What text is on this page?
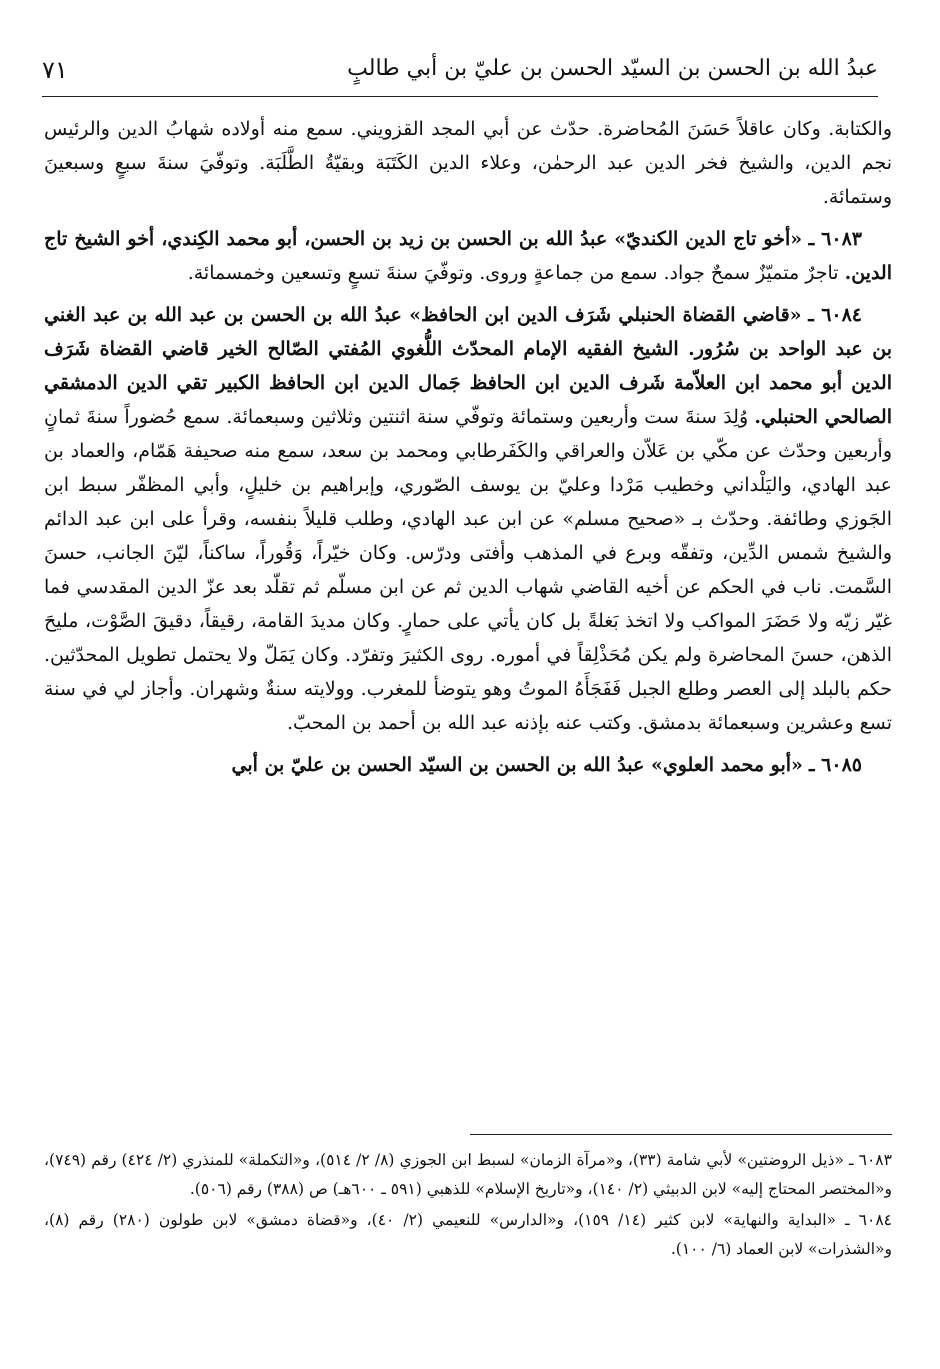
عبدُ الله بن الحسن بن السيّد الحسن بن عليّ بن أبي طالبٍ
٧١

والكتابة. وكان عاقلاً حَسَنَ المُحاضرة. حدّث عن أبي المجد القزويني. سمع منه أولاده شهابُ الدين والرئيس نجم الدين، والشيخ فخر الدين عبد الرحمٰن، وعلاء الدين الكَتَبَة وبقيّةُ الطَّلَبَة. وتوفّيَ سنةَ سبعٍ وسبعينَ وستمائة.

٦٠٨٣ ـ «أخو تاج الدين الكنديّ» عبدُ الله بن الحسن بن زيد بن الحسن، أبو محمد الكِندي، أخو الشيخ تاج الدين. تاجرٌ متميّزٌ سمحٌ جواد. سمع من جماعةٍ وروى. وتوفّيَ سنةَ تسعٍ وتسعين وخمسمائة.

٦٠٨٤ ـ «قاضي القضاة الحنبلي شَرَف الدين ابن الحافظ» عبدُ الله بن الحسن بن عبد الله بن عبد الغني بن عبد الواحد بن سُرُور. الشيخ الفقيه الإمام المحدّث اللُّغوي المُفتي الصّالح الخير قاضي القضاة شَرَف الدين أبو محمد ابن العلاّمة شَرف الدين ابن الحافظ جَمال الدين ابن الحافظ الكبير تقي الدين الدمشقي الصالحي الحنبلي. وُلِدَ سنةَ ست وأربعين وستمائة وتوفّي سنة اثنتين وثلاثين وسبعمائة. سمع حُضوراً سنةَ ثمانٍ وأربعين وحدّث عن مكّي بن عَلاّن والعراقي والكَفَرطابي ومحمد بن سعد، سمع منه صحيفة هَمّام، والعماد بن عبد الهادي، واليَلْداني وخطيب مَرْدا وعليّ بن يوسف الصّوري، وإبراهيم بن خليلٍ، وأبي المظفّر سبط ابن الجَوزي وطائفة. وحدّث بـ «صحيح مسلم» عن ابن عبد الهادي، وطلب قليلاً بنفسه، وقرأ على ابن عبد الدائم والشيخ شمس الدِّين، وتفقّه وبرع في المذهب وأفتى ودرّس. وكان خيّراً، وَقُوراً، ساكناً، ليّنَ الجانب، حسنَ السَّمت. ناب في الحكم عن أخيه القاضي شهاب الدين ثم عن ابن مسلّم ثم تقلّد بعد عزّ الدين المقدسي فما غيّر زيّه ولا حَضَرَ المواكب ولا اتخذ بَغلةً بل كان يأتي على حمارٍ. وكان مديدَ القامة، رقيقاً، دقيقَ الصَّوْت، مليحَ الذهن، حسنَ المحاضرة ولم يكن مُحَذْلِقاً في أموره. روى الكثيرَ وتفرّد. وكان يَمَلّ ولا يحتمل تطويل المحدّثين. حكم بالبلد إلى العصر وطلع الجبل فَفَجَأَهُ الموتُ وهو يتوضأ للمغرب. وولايته سنةٌ وشهران. وأجاز لي في سنة تسع وعشرين وسبعمائة بدمشق. وكتب عنه بإذنه عبد الله بن أحمد بن المحبّ.

٦٠٨٥ ـ «أبو محمد العلوي» عبدُ الله بن الحسن بن السيّد الحسن بن عليّ بن أبي

٦٠٨٣ ـ «ذيل الروضتين» لأبي شامة (٣٣)، و«مرآة الزمان» لسبط ابن الجوزي (٨/ ٢/ ٥١٤)، و«التكملة» للمنذري (٢/ ٤٢٤) رقم (٧٤٩)، و«المختصر المحتاج إليه» لابن الدبيثي (٢/ ١٤٠)، و«تاريخ الإسلام» للذهبي (٥٩١ ـ ٦٠٠هـ) ص (٣٨٨) رقم (٥٠٦).

٦٠٨٤ ـ «البداية والنهاية» لابن كثير (١٤/ ١٥٩)، و«الدارس» للنعيمي (٢/ ٤٠)، و«قضاة دمشق» لابن طولون (٢٨٠) رقم (٨)، و«الشذرات» لابن العماد (٦/ ١٠٠).
